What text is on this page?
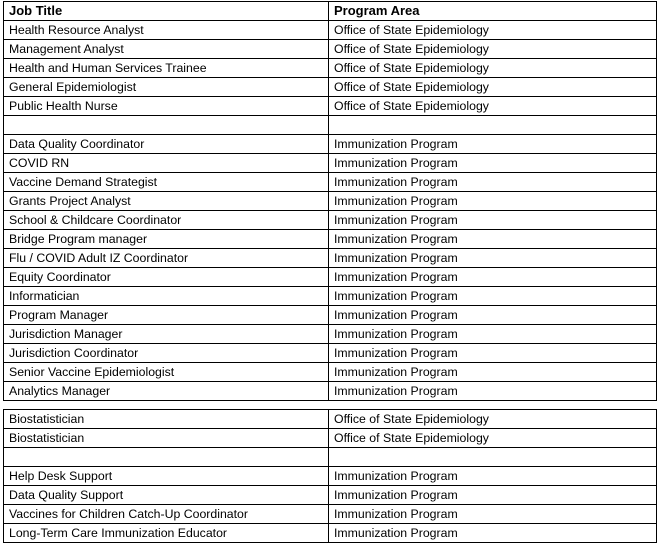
Job Title	Program Area
Health Resource Analyst	Office of State Epidemiology
Management Analyst	Office of State Epidemiology
Health and Human Services Trainee	Office of State Epidemiology
General Epidemiologist	Office of State Epidemiology
Public Health Nurse	Office of State Epidemiology

Data Quality Coordinator	Immunization Program
COVID RN	Immunization Program
Vaccine Demand Strategist	Immunization Program
Grants Project Analyst	Immunization Program
School & Childcare Coordinator	Immunization Program
Bridge Program manager	Immunization Program
Flu / COVID Adult IZ Coordinator	Immunization Program
Equity Coordinator	Immunization Program
Informatician	Immunization Program
Program Manager	Immunization Program
Jurisdiction Manager	Immunization Program
Jurisdiction Coordinator	Immunization Program
Senior Vaccine Epidemiologist	Immunization Program
Analytics Manager	Immunization Program

Biostatistician	Office of State Epidemiology
Biostatistician	Office of State Epidemiology

Help Desk Support	Immunization Program
Data Quality Support	Immunization Program
Vaccines for Children Catch-Up Coordinator	Immunization Program
Long-Term Care Immunization Educator	Immunization Program
